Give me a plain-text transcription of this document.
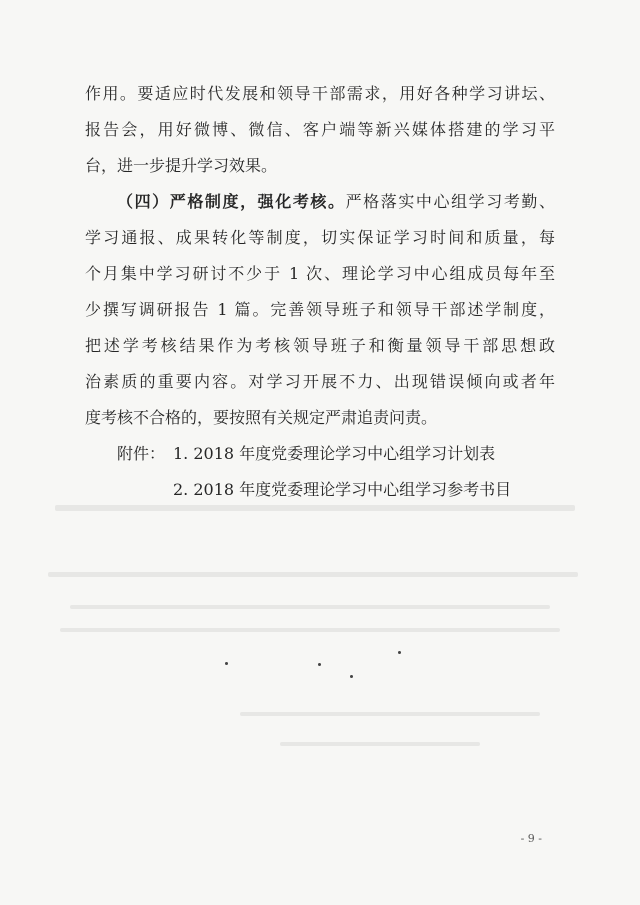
作用。要适应时代发展和领导干部需求，用好各种学习讲坛、
报告会，用好微博、微信、客户端等新兴媒体搭建的学习平
台，进一步提升学习效果。
（四）严格制度，强化考核。严格落实中心组学习考勤、
学习通报、成果转化等制度，切实保证学习时间和质量，每
个月集中学习研讨不少于 1 次、理论学习中心组成员每年至
少撰写调研报告 1 篇。完善领导班子和领导干部述学制度，
把述学考核结果作为考核领导班子和衡量领导干部思想政
治素质的重要内容。对学习开展不力、出现错误倾向或者年
度考核不合格的，要按照有关规定严肃追责问责。
附件： 1. 2018 年度党委理论学习中心组学习计划表
2. 2018 年度党委理论学习中心组学习参考书目
- 9 -
